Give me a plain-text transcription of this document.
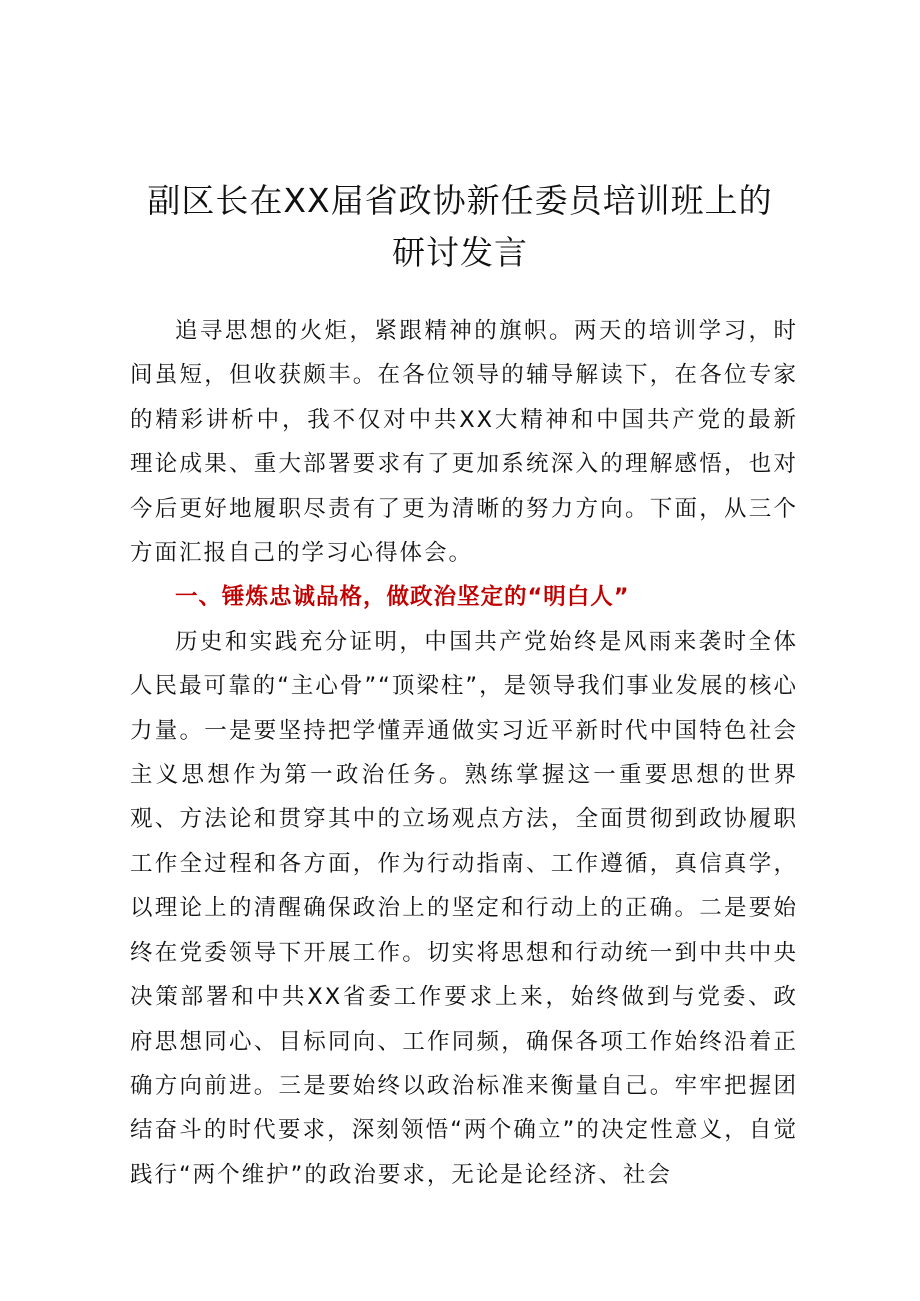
副区长在XX届省政协新任委员培训班上的
研讨发言

追寻思想的火炬，紧跟精神的旗帜。两天的培训学习，时间虽短，但收获颇丰。在各位领导的辅导解读下，在各位专家的精彩讲析中，我不仅对中共XX大精神和中国共产党的最新理论成果、重大部署要求有了更加系统深入的理解感悟，也对今后更好地履职尽责有了更为清晰的努力方向。下面，从三个方面汇报自己的学习心得体会。

一、锤炼忠诚品格，做政治坚定的“明白人”

历史和实践充分证明，中国共产党始终是风雨来袭时全体人民最可靠的“主心骨”“顶梁柱”，是领导我们事业发展的核心力量。一是要坚持把学懂弄通做实习近平新时代中国特色社会主义思想作为第一政治任务。熟练掌握这一重要思想的世界观、方法论和贯穿其中的立场观点方法，全面贯彻到政协履职工作全过程和各方面，作为行动指南、工作遵循，真信真学，以理论上的清醒确保政治上的坚定和行动上的正确。二是要始终在党委领导下开展工作。切实将思想和行动统一到中共中央决策部署和中共XX省委工作要求上来，始终做到与党委、政府思想同心、目标同向、工作同频，确保各项工作始终沿着正确方向前进。三是要始终以政治标准来衡量自己。牢牢把握团结奋斗的时代要求，深刻领悟“两个确立”的决定性意义，自觉践行“两个维护”的政治要求，无论是论经济、社会
